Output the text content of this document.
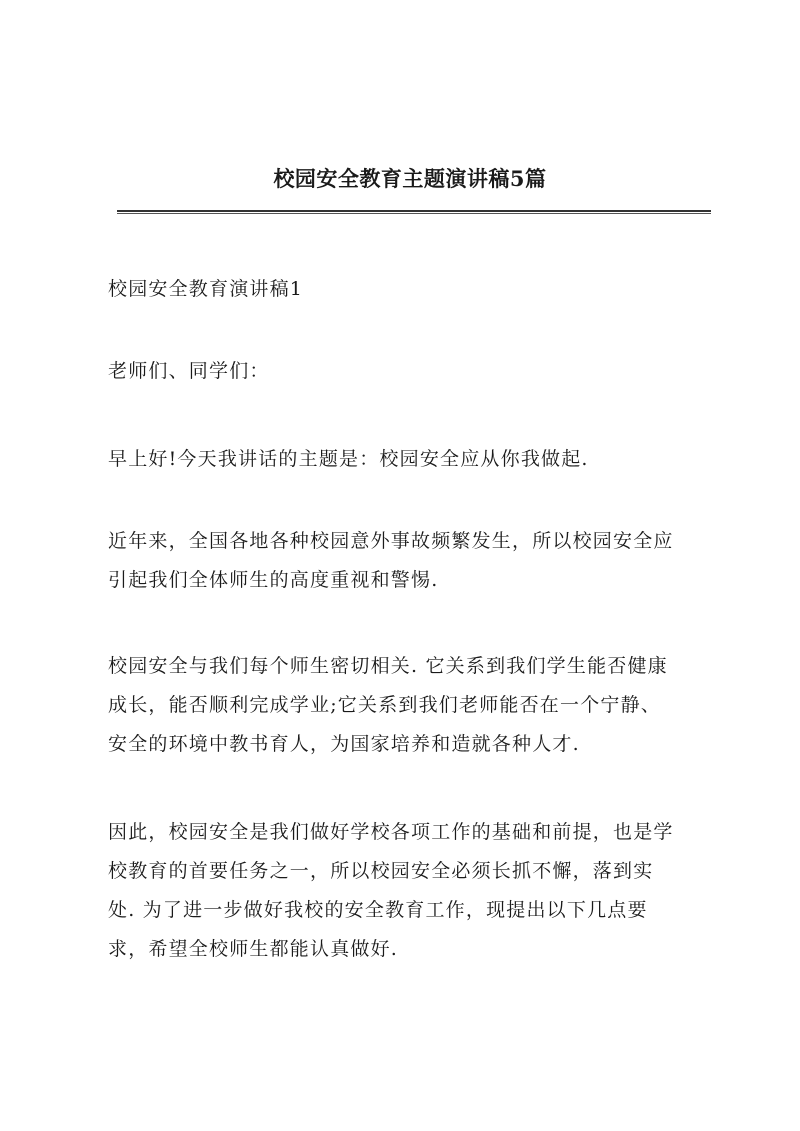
校园安全教育主题演讲稿5篇
校园安全教育演讲稿1
老师们、同学们：
早上好!今天我讲话的主题是：校园安全应从你我做起.
近年来，全国各地各种校园意外事故频繁发生，所以校园安全应
引起我们全体师生的高度重视和警惕.
校园安全与我们每个师生密切相关. 它关系到我们学生能否健康
成长，能否顺利完成学业;它关系到我们老师能否在一个宁静、
安全的环境中教书育人，为国家培养和造就各种人才.
因此，校园安全是我们做好学校各项工作的基础和前提，也是学
校教育的首要任务之一，所以校园安全必须长抓不懈，落到实
处. 为了进一步做好我校的安全教育工作，现提出以下几点要
求，希望全校师生都能认真做好.
